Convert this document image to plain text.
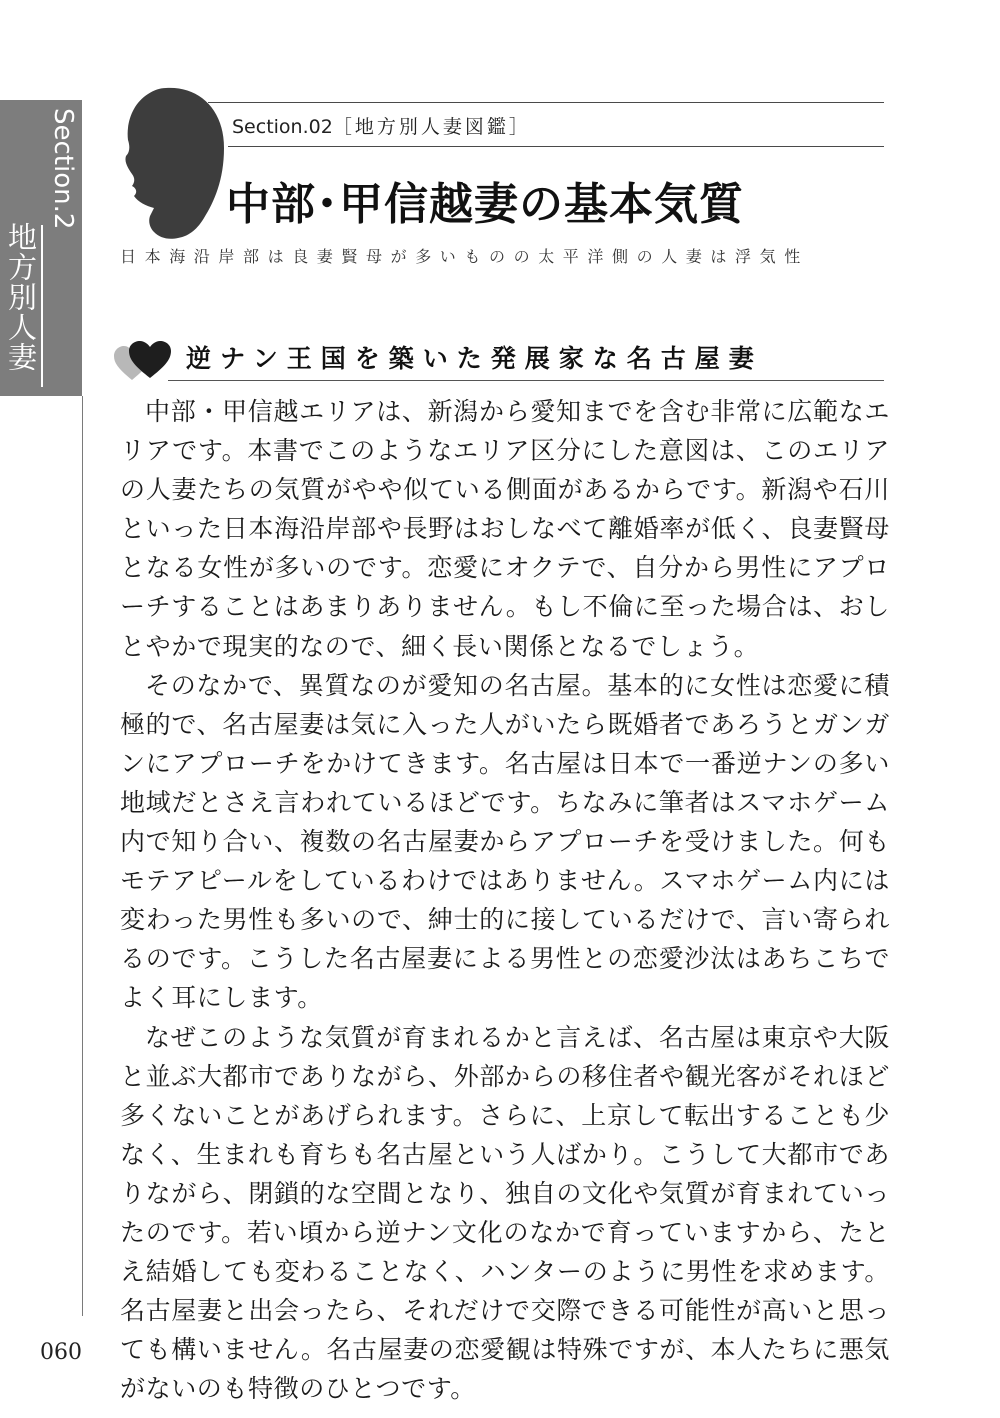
Section.2
地方別人妻
Section.02［地方別人妻図鑑］
中部･甲信越妻の基本気質
日本海沿岸部は良妻賢母が多いものの太平洋側の人妻は浮気性
逆ナン王国を築いた発展家な名古屋妻

中部・甲信越エリアは、新潟から愛知までを含む非常に広範なエリアです。本書でこのようなエリア区分にした意図は、このエリアの人妻たちの気質がやや似ている側面があるからです。新潟や石川といった日本海沿岸部や長野はおしなべて離婚率が低く、良妻賢母となる女性が多いのです。恋愛にオクテで、自分から男性にアプローチすることはあまりありません。もし不倫に至った場合は、おしとやかで現実的なので、細く長い関係となるでしょう。

そのなかで、異質なのが愛知の名古屋。基本的に女性は恋愛に積極的で、名古屋妻は気に入った人がいたら既婚者であろうとガンガンにアプローチをかけてきます。名古屋は日本で一番逆ナンの多い地域だとさえ言われているほどです。ちなみに筆者はスマホゲーム内で知り合い、複数の名古屋妻からアプローチを受けました。何もモテアピールをしているわけではありません。スマホゲーム内には変わった男性も多いので、紳士的に接しているだけで、言い寄られるのです。こうした名古屋妻による男性との恋愛沙汰はあちこちでよく耳にします。

なぜこのような気質が育まれるかと言えば、名古屋は東京や大阪と並ぶ大都市でありながら、外部からの移住者や観光客がそれほど多くないことがあげられます。さらに、上京して転出することも少なく、生まれも育ちも名古屋という人ばかり。こうして大都市でありながら、閉鎖的な空間となり、独自の文化や気質が育まれていったのです。若い頃から逆ナン文化のなかで育っていますから、たとえ結婚しても変わることなく、ハンターのように男性を求めます。名古屋妻と出会ったら、それだけで交際できる可能性が高いと思っても構いません。名古屋妻の恋愛観は特殊ですが、本人たちに悪気がないのも特徴のひとつです。

060
